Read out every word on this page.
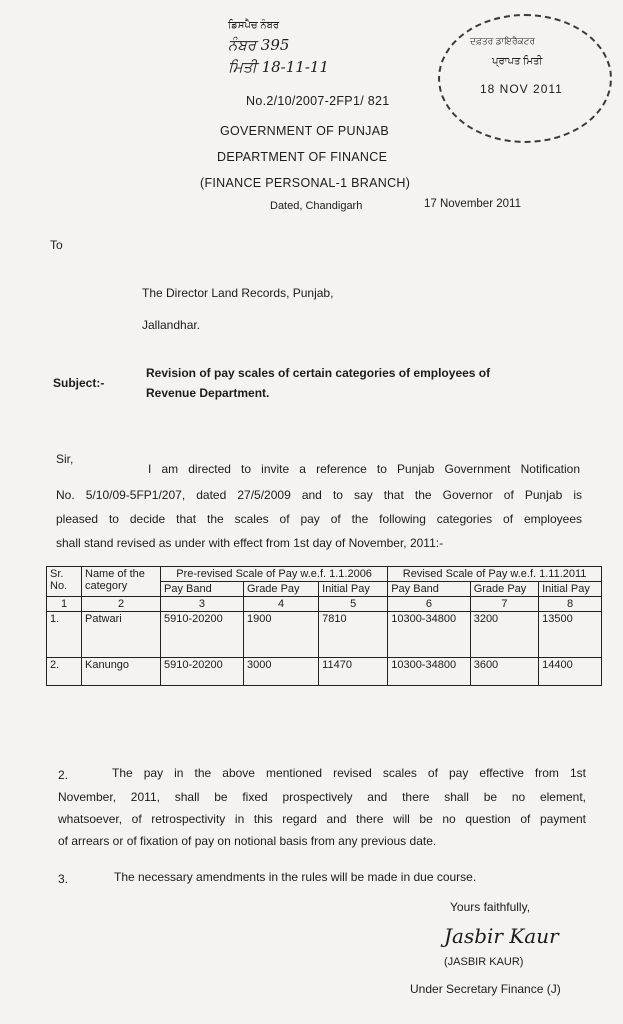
ਡਿਸਪੈਚ ਨੰਬਰ
ਨੰਬਰ 395
ਮਿਤੀ 18-11-11
ਦਫ਼ਤਰ ਡਾਇਰੈਕਟਰ
ਪ੍ਰਾਪਤ ਮਿਤੀ
18 NOV 2011
No.2/10/2007-2FP1/ 821
GOVERNMENT OF PUNJAB
DEPARTMENT OF FINANCE
(FINANCE PERSONAL-1 BRANCH)
Dated, Chandigarh	17 November 2011
To
The Director Land Records, Punjab,
Jallandhar.
Subject:-
Revision of pay scales of certain categories of employees of
Revenue Department.
Sir,
I am directed to invite a reference to Punjab Government Notification
No. 5/10/09-5FP1/207, dated 27/5/2009 and to say that the Governor of Punjab is
pleased to decide that the scales of pay of the following categories of employees
shall stand revised as under with effect from 1st day of November, 2011:-
Sr. No.	Name of the category	Pre-revised Scale of Pay w.e.f. 1.1.2006			Revised Scale of Pay w.e.f. 1.11.2011		
		Pay Band	Grade Pay	Initial Pay	Pay Band	Grade Pay	Initial Pay
1	2	3	4	5	6	7	8
1.	Patwari	5910-20200	1900	7810	10300-34800	3200	13500
2.	Kanungo	5910-20200	3000	11470	10300-34800	3600	14400
2.	The pay in the above mentioned revised scales of pay effective from 1st
November, 2011, shall be fixed prospectively and there shall be no element,
whatsoever, of retrospectivity in this regard and there will be no question of payment
of arrears or of fixation of pay on notional basis from any previous date.
3.	The necessary amendments in the rules will be made in due course.
Yours faithfully,
Jasbir Kaur
(JASBIR KAUR)
Under Secretary Finance (J)
